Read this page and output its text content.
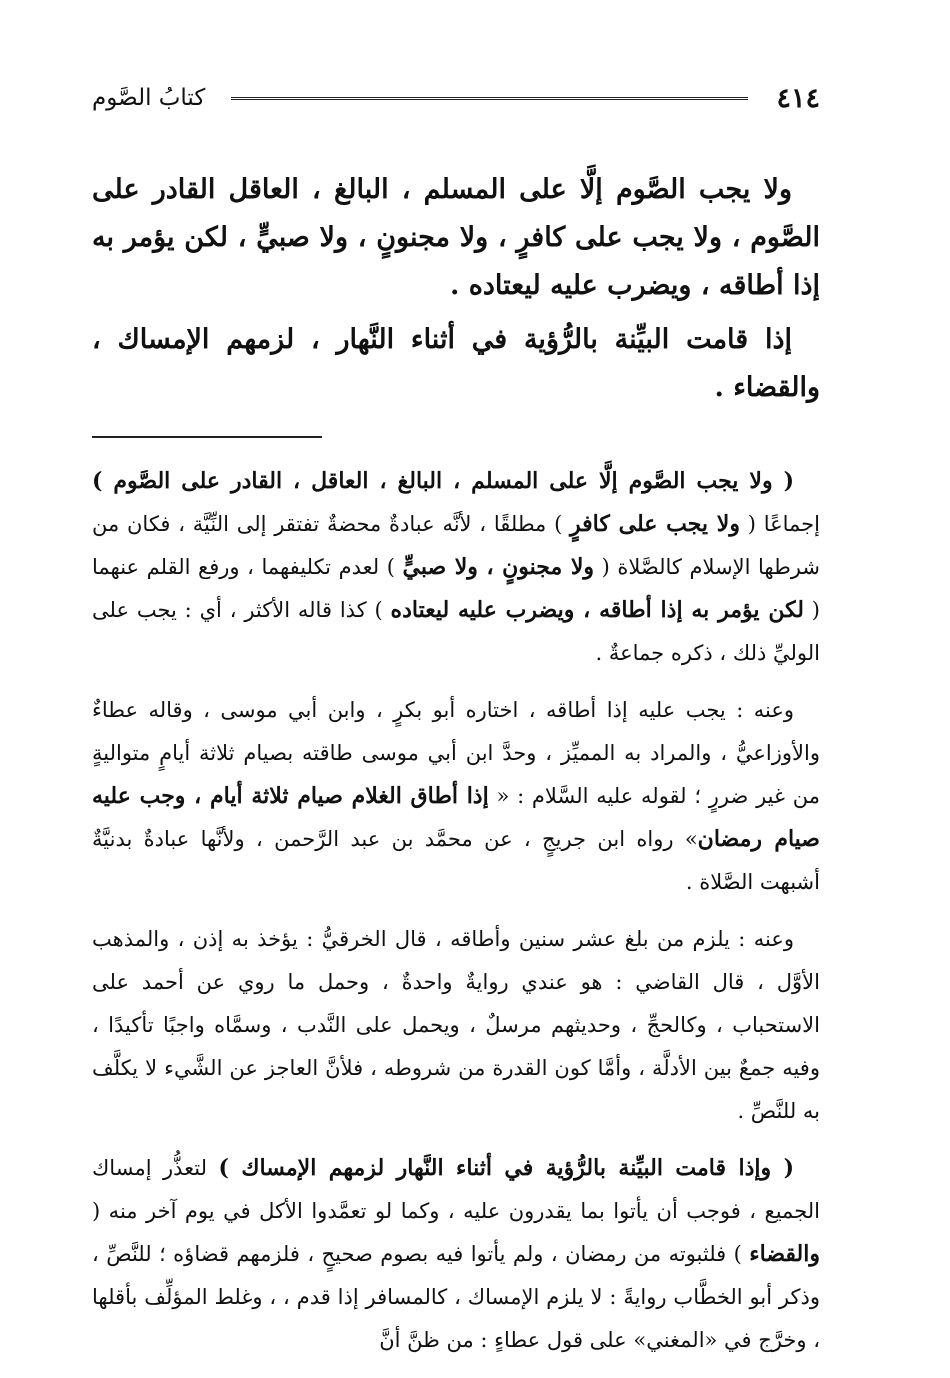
٤١٤
كتابُ الصَّوم

ولا يجب الصَّوم إلَّا على المسلم ، البالغ ، العاقل القادر على الصَّوم ، ولا يجب على كافرٍ ، ولا مجنونٍ ، ولا صبيٍّ ، لكن يؤمر به إذا أطاقه ، ويضرب عليه ليعتاده .

إذا قامت البيِّنة بالرُّؤية في أثناء النَّهار ، لزمهم الإمساك ، والقضاء .

( ولا يجب الصَّوم إلَّا على المسلم ، البالغ ، العاقل ، القادر على الصَّوم ) إجماعًا ( ولا يجب على كافرٍ ) مطلقًا ، لأنَّه عبادةٌ محضةٌ تفتقر إلى النِّيَّة ، فكان من شرطها الإسلام كالصَّلاة ( ولا مجنونٍ ، ولا صبيٍّ ) لعدم تكليفهما ، ورفع القلم عنهما ( لكن يؤمر به إذا أطاقه ، ويضرب عليه ليعتاده ) كذا قاله الأكثر ، أي : يجب على الوليِّ ذلك ، ذكره جماعةٌ .

وعنه : يجب عليه إذا أطاقه ، اختاره أبو بكرٍ ، وابن أبي موسى ، وقاله عطاءٌ والأوزاعيُّ ، والمراد به المميِّز ، وحدَّ ابن أبي موسى طاقته بصيام ثلاثة أيامٍ متواليةٍ من غير ضررٍ ؛ لقوله عليه السَّلام : « إذا أطاق الغلام صيام ثلاثة أيام ، وجب عليه صيام رمضان» رواه ابن جريجٍ ، عن محمَّد بن عبد الرَّحمن ، ولأنَّها عبادةٌ بدنيَّةٌ أشبهت الصَّلاة .

وعنه : يلزم من بلغ عشر سنين وأطاقه ، قال الخرقيُّ : يؤخذ به إذن ، والمذهب الأوَّل ، قال القاضي : هو عندي روايةٌ واحدةٌ ، وحمل ما روي عن أحمد على الاستحباب ، وكالحجِّ ، وحديثهم مرسلٌ ، ويحمل على النَّدب ، وسمَّاه واجبًا تأكيدًا ، وفيه جمعٌ بين الأدلَّة ، وأمَّا كون القدرة من شروطه ، فلأنَّ العاجز عن الشَّيء لا يكلَّف به للنَّصِّ .

( وإذا قامت البيِّنة بالرُّؤية في أثناء النَّهار لزمهم الإمساك ) لتعذُّر إمساك الجميع ، فوجب أن يأتوا بما يقدرون عليه ، وكما لو تعمَّدوا الأكل في يوم آخر منه ( والقضاء ) فلثبوته من رمضان ، ولم يأتوا فيه بصوم صحيحٍ ، فلزمهم قضاؤه ؛ للنَّصِّ ، وذكر أبو الخطَّاب روايةً : لا يلزم الإمساك ، كالمسافر إذا قدم ، ، وغلط المؤلِّف بأقلها ، وخرَّج في «المغني» على قول عطاءٍ : من ظنَّ أنَّ
